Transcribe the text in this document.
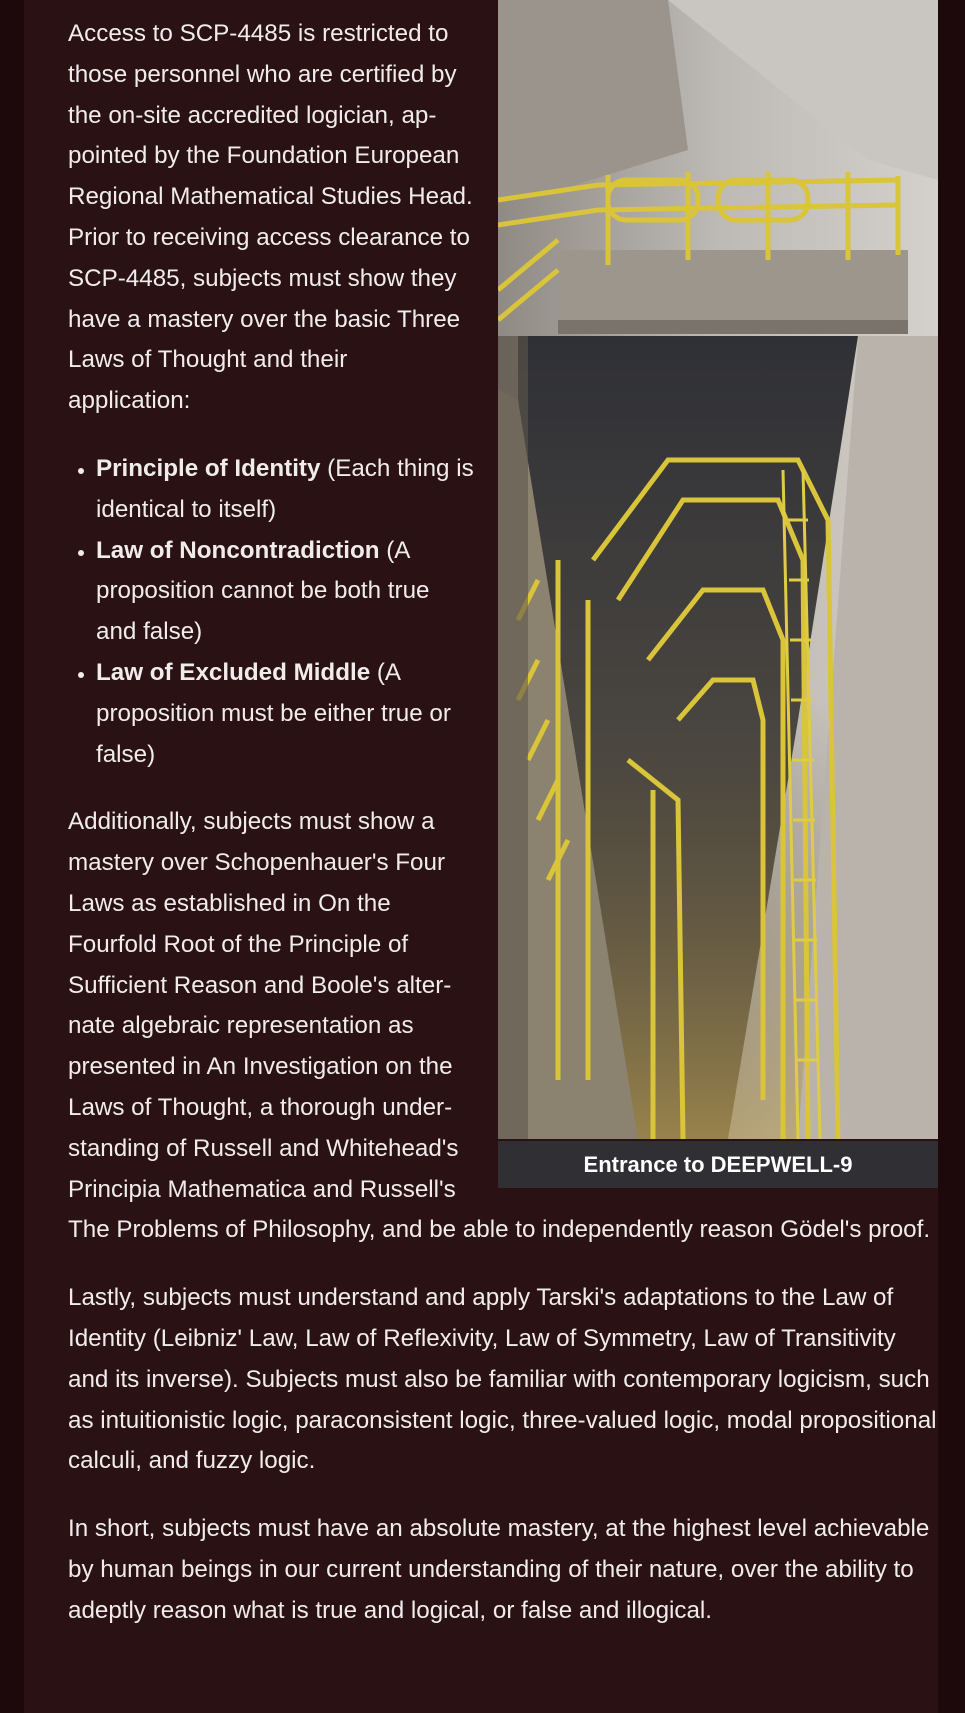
Entrance to DEEPWELL-9

Access to SCP-4485 is restricted to those personnel who are certified by the on-site accredited logician, appointed by the Foundation European Regional Mathematical Studies Head. Prior to receiving access clearance to SCP-4485, subjects must show they have a mastery over the basic Three Laws of Thought and their application:

• Principle of Identity (Each thing is identical to itself)
• Law of Noncontradiction (A proposition cannot be both true and false)
• Law of Excluded Middle (A proposition must be either true or false)

Additionally, subjects must show a mastery over Schopenhauer's Four Laws as established in On the Fourfold Root of the Principle of Sufficient Reason and Boole's alternate algebraic representation as presented in An Investigation on the Laws of Thought, a thorough understanding of Russell and Whitehead's Principia Mathematica and Russell's The Problems of Philosophy, and be able to independently reason Gödel's proof.

Lastly, subjects must understand and apply Tarski's adaptations to the Law of Identity (Leibniz' Law, Law of Reflexivity, Law of Symmetry, Law of Transitivity and its inverse). Subjects must also be familiar with contemporary logicism, such as intuitionistic logic, paraconsistent logic, three-valued logic, modal propositional calculi, and fuzzy logic.

In short, subjects must have an absolute mastery, at the highest level achievable by human beings in our current understanding of their nature, over the ability to adeptly reason what is true and logical, or false and illogical.
